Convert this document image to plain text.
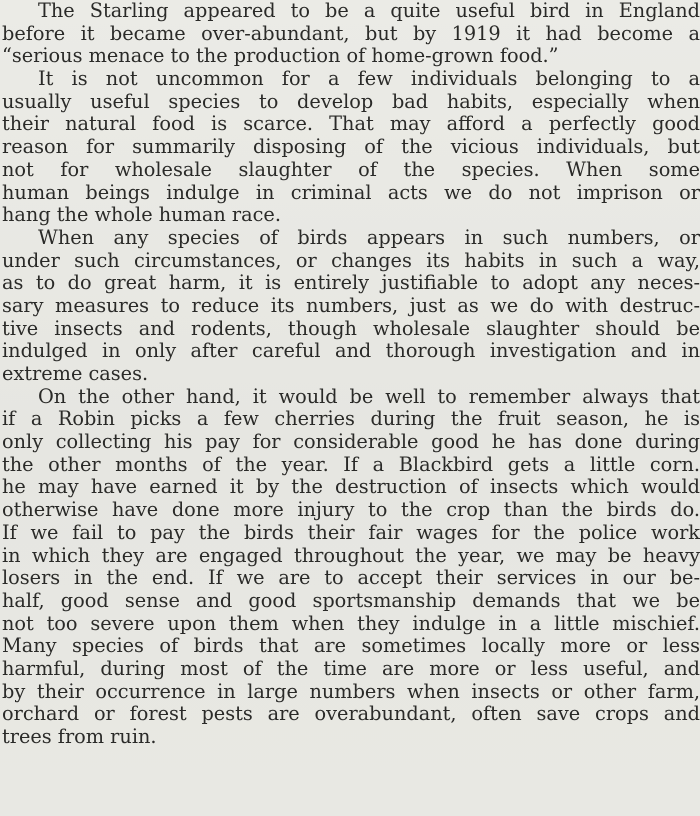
The Starling appeared to be a quite useful bird in England
before it became over-abundant, but by 1919 it had become a
“serious menace to the production of home-grown food.”
It is not uncommon for a few individuals belonging to a
usually useful species to develop bad habits, especially when
their natural food is scarce. That may afford a perfectly good
reason for summarily disposing of the vicious individuals, but
not for wholesale slaughter of the species. When some
human beings indulge in criminal acts we do not imprison or
hang the whole human race.
When any species of birds appears in such numbers, or
under such circumstances, or changes its habits in such a way,
as to do great harm, it is entirely justifiable to adopt any neces-
sary measures to reduce its numbers, just as we do with destruc-
tive insects and rodents, though wholesale slaughter should be
indulged in only after careful and thorough investigation and in
extreme cases.
On the other hand, it would be well to remember always that
if a Robin picks a few cherries during the fruit season, he is
only collecting his pay for considerable good he has done during
the other months of the year. If a Blackbird gets a little corn.
he may have earned it by the destruction of insects which would
otherwise have done more injury to the crop than the birds do.
If we fail to pay the birds their fair wages for the police work
in which they are engaged throughout the year, we may be heavy
losers in the end. If we are to accept their services in our be-
half, good sense and good sportsmanship demands that we be
not too severe upon them when they indulge in a little mischief.
Many species of birds that are sometimes locally more or less
harmful, during most of the time are more or less useful, and
by their occurrence in large numbers when insects or other farm,
orchard or forest pests are overabundant, often save crops and
trees from ruin.
